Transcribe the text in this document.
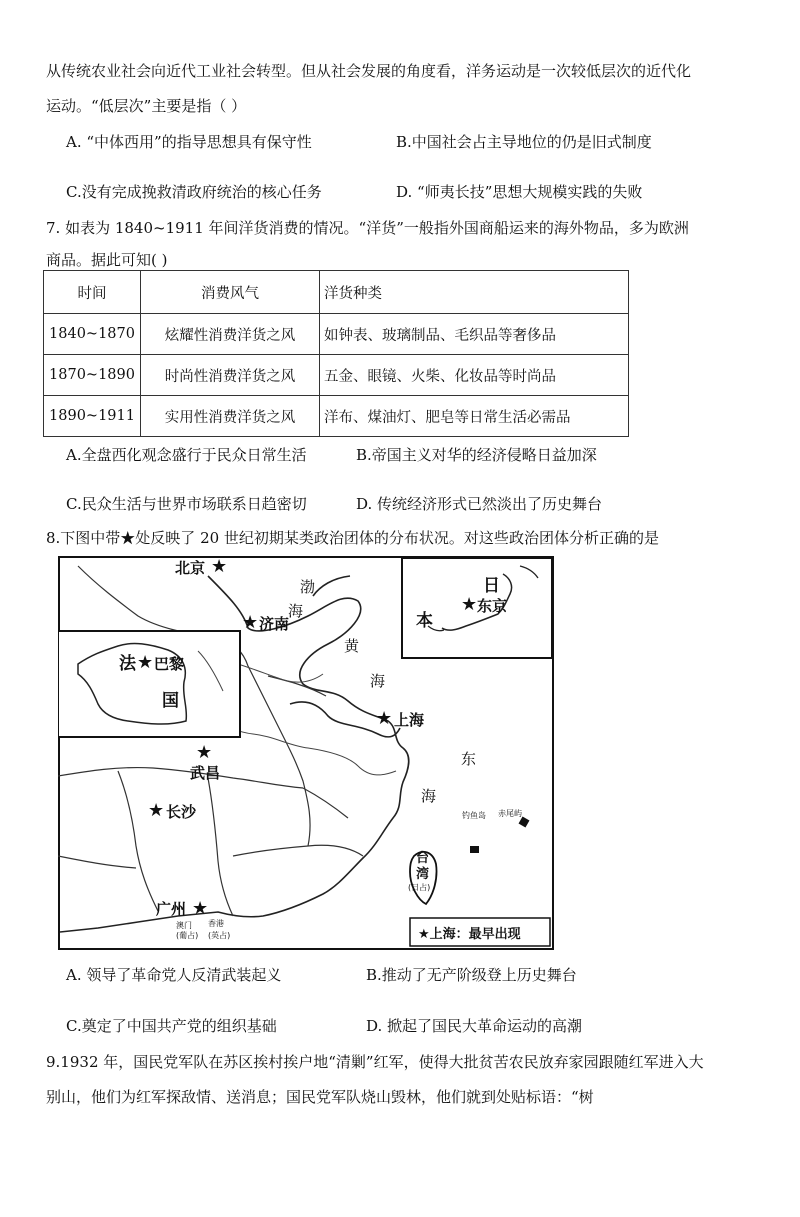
从传统农业社会向近代工业社会转型。但从社会发展的角度看，洋务运动是一次较低层次的近代化
运动。“低层次”主要是指（ ）
A. “中体西用”的指导思想具有保守性	B.中国社会占主导地位的仍是旧式制度
C.没有完成挽救清政府统治的核心任务	D. “师夷长技”思想大规模实践的失败
7. 如表为 1840~1911 年间洋货消费的情况。“洋货”一般指外国商船运来的海外物品，多为欧洲
商品。据此可知( )
时间	消费风气	洋货种类
1840~1870	炫耀性消费洋货之风	如钟表、玻璃制品、毛织品等奢侈品
1870~1890	时尚性消费洋货之风	五金、眼镜、火柴、化妆品等时尚品
1890~1911	实用性消费洋货之风	洋布、煤油灯、肥皂等日常生活必需品
A.全盘西化观念盛行于民众日常生活	B.帝国主义对华的经济侵略日益加深
C.民众生活与世界市场联系日趋密切	D. 传统经济形式已然淡出了历史舞台
8.下图中带★处反映了 20 世纪初期某类政治团体的分布状况。对这些政治团体分析正确的是
★
★
★
★
★
★
★
★
北京
济南
上海
武昌
长沙
广州
巴黎
东京
法
国
日
本
渤
海
黄
海
东
海
钓鱼岛 赤尾屿
(日占)
澳门
(葡占)
香港
(英占)
台
湾
★上海：最早出现
A. 领导了革命党人反清武装起义	B.推动了无产阶级登上历史舞台
C.奠定了中国共产党的组织基础	D. 掀起了国民大革命运动的高潮
9.1932 年，国民党军队在苏区挨村挨户地“清剿”红军，使得大批贫苦农民放弃家园跟随红军进入大
别山，他们为红军探敌情、送消息；国民党军队烧山毁林，他们就到处贴标语：“树
